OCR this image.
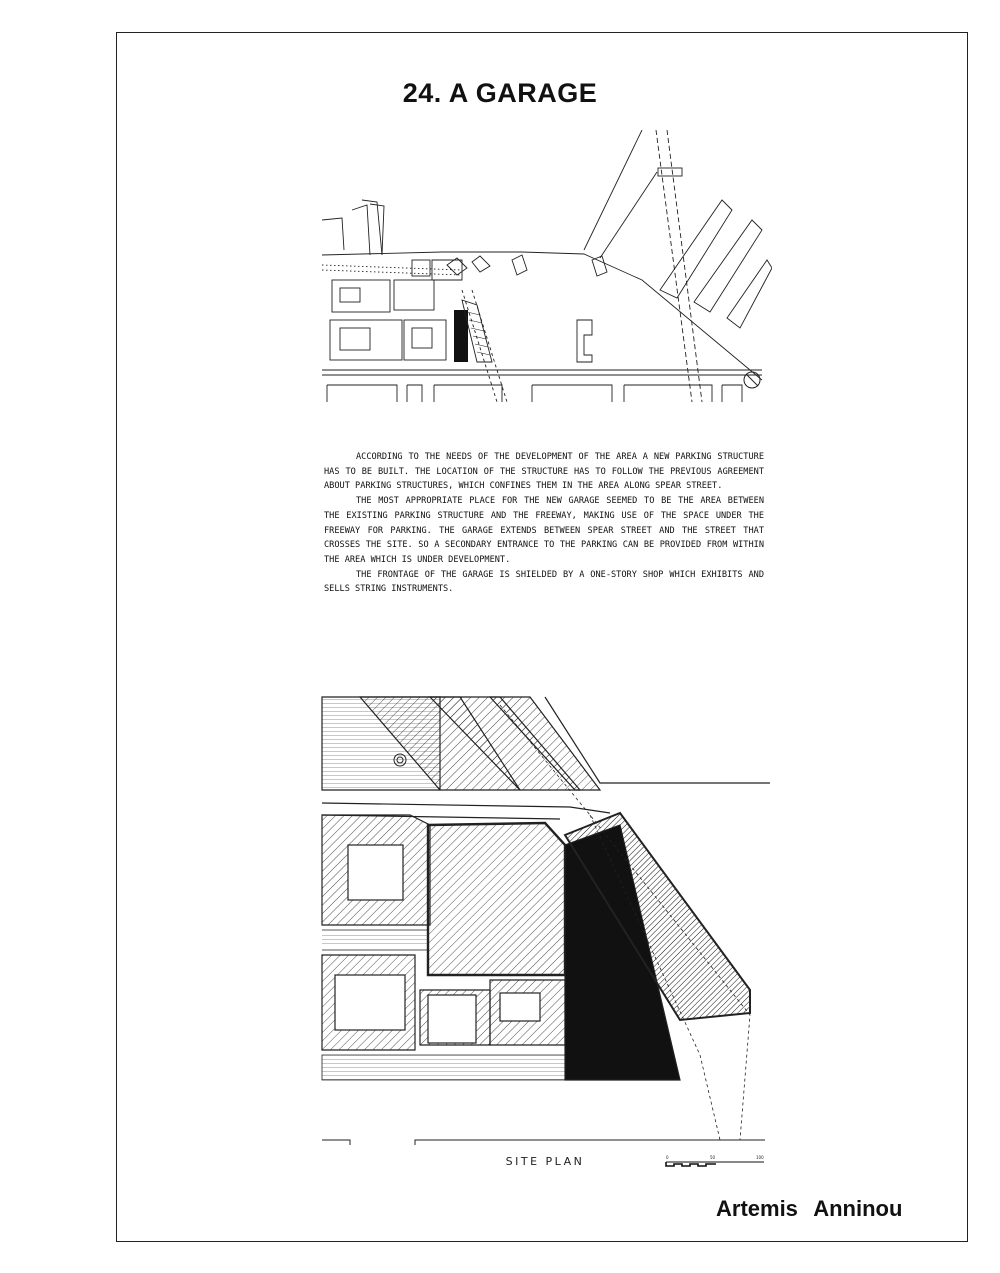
24. A GARAGE

ACCORDING TO THE NEEDS OF THE DEVELOPMENT OF THE AREA A NEW PARKING STRUCTURE HAS TO BE BUILT. THE LOCATION OF THE STRUCTURE HAS TO FOLLOW THE PREVIOUS AGREEMENT ABOUT PARKING STRUCTURES, WHICH CONFINES THEM IN THE AREA ALONG SPEAR STREET.

THE MOST APPROPRIATE PLACE FOR THE NEW GARAGE SEEMED TO BE THE AREA BETWEEN THE EXISTING PARKING STRUCTURE AND THE FREEWAY, MAKING USE OF THE SPACE UNDER THE FREEWAY FOR PARKING. THE GARAGE EXTENDS BETWEEN SPEAR STREET AND THE STREET THAT CROSSES THE SITE. SO A SECONDARY ENTRANCE TO THE PARKING CAN BE PROVIDED FROM WITHIN THE AREA WHICH IS UNDER DEVELOPMENT.

THE FRONTAGE OF THE GARAGE IS SHIELDED BY A ONE-STORY SHOP WHICH EXHIBITS AND SELLS STRING INSTRUMENTS.

SITE PLAN	0	50	100
Artemis Anninou
